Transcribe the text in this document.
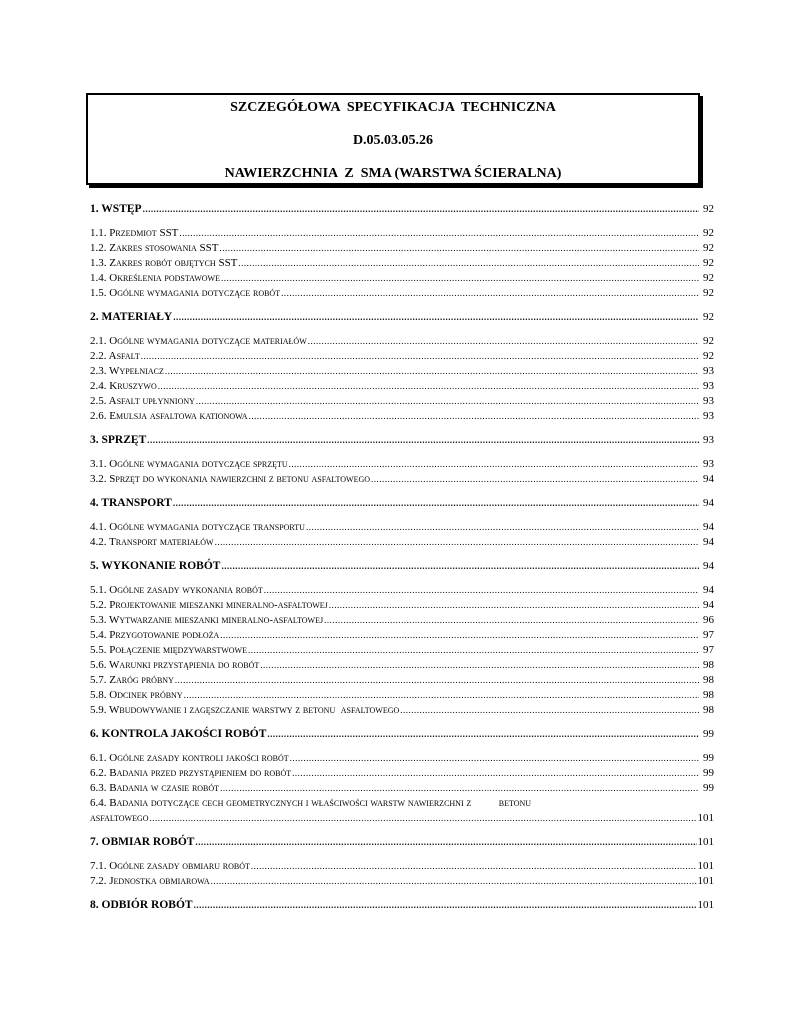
SZCZEGÓŁOWA  SPECYFIKACJA  TECHNICZNA
D.05.03.05.26
NAWIERZCHNIA  Z  SMA (WARSTWA ŚCIERALNA)
1. WSTĘP .....	92
1.1. Przedmiot SST .....	92
1.2. Zakres stosowania SST .....	92
1.3. Zakres robót objętych SST .....	92
1.4. Określenia podstawowe .....	92
1.5. Ogólne wymagania dotyczące robót .....	92
2. MATERIAŁY .....	92
2.1. Ogólne wymagania dotyczące materiałów .....	92
2.2. Asfalt .....	92
2.3. Wypełniacz .....	93
2.4. Kruszywo .....	93
2.5. Asfalt upłynniony .....	93
2.6. Emulsja asfaltowa kationowa .....	93
3. SPRZĘT .....	93
3.1. Ogólne wymagania dotyczące sprzętu .....	93
3.2. Sprzęt do wykonania nawierzchni z betonu asfaltowego .....	94
4. TRANSPORT .....	94
4.1. Ogólne wymagania dotyczące transportu .....	94
4.2. Transport materiałów .....	94
5. WYKONANIE ROBÓT .....	94
5.1. Ogólne zasady wykonania robót .....	94
5.2. Projektowanie mieszanki mineralno-asfaltowej .....	94
5.3. Wytwarzanie mieszanki mineralno-asfaltowej .....	96
5.4. Przygotowanie podłoża .....	97
5.5. Połączenie międzywarstwowe .....	97
5.6. Warunki przystąpienia do robót .....	98
5.7. Zaróg próbny .....	98
5.8. Odcinek próbny .....	98
5.9. Wbudowywanie i zagęszczanie warstwy z betonu  asfaltowego .....	98
6. KONTROLA JAKOŚCI ROBÓT .....	99
6.1. Ogólne zasady kontroli jakości robót .....	99
6.2. Badania przed przystąpieniem do robót .....	99
6.3. Badania w czasie robót .....	99
6.4. Badania dotyczące cech geometrycznych i właściwości warstw nawierzchni z          betonu
asfaltowego .....	101
7. OBMIAR ROBÓT .....	101
7.1. Ogólne zasady obmiaru robót .....	101
7.2. Jednostka obmiarowa .....	101
8. ODBIÓR ROBÓT .....	101
